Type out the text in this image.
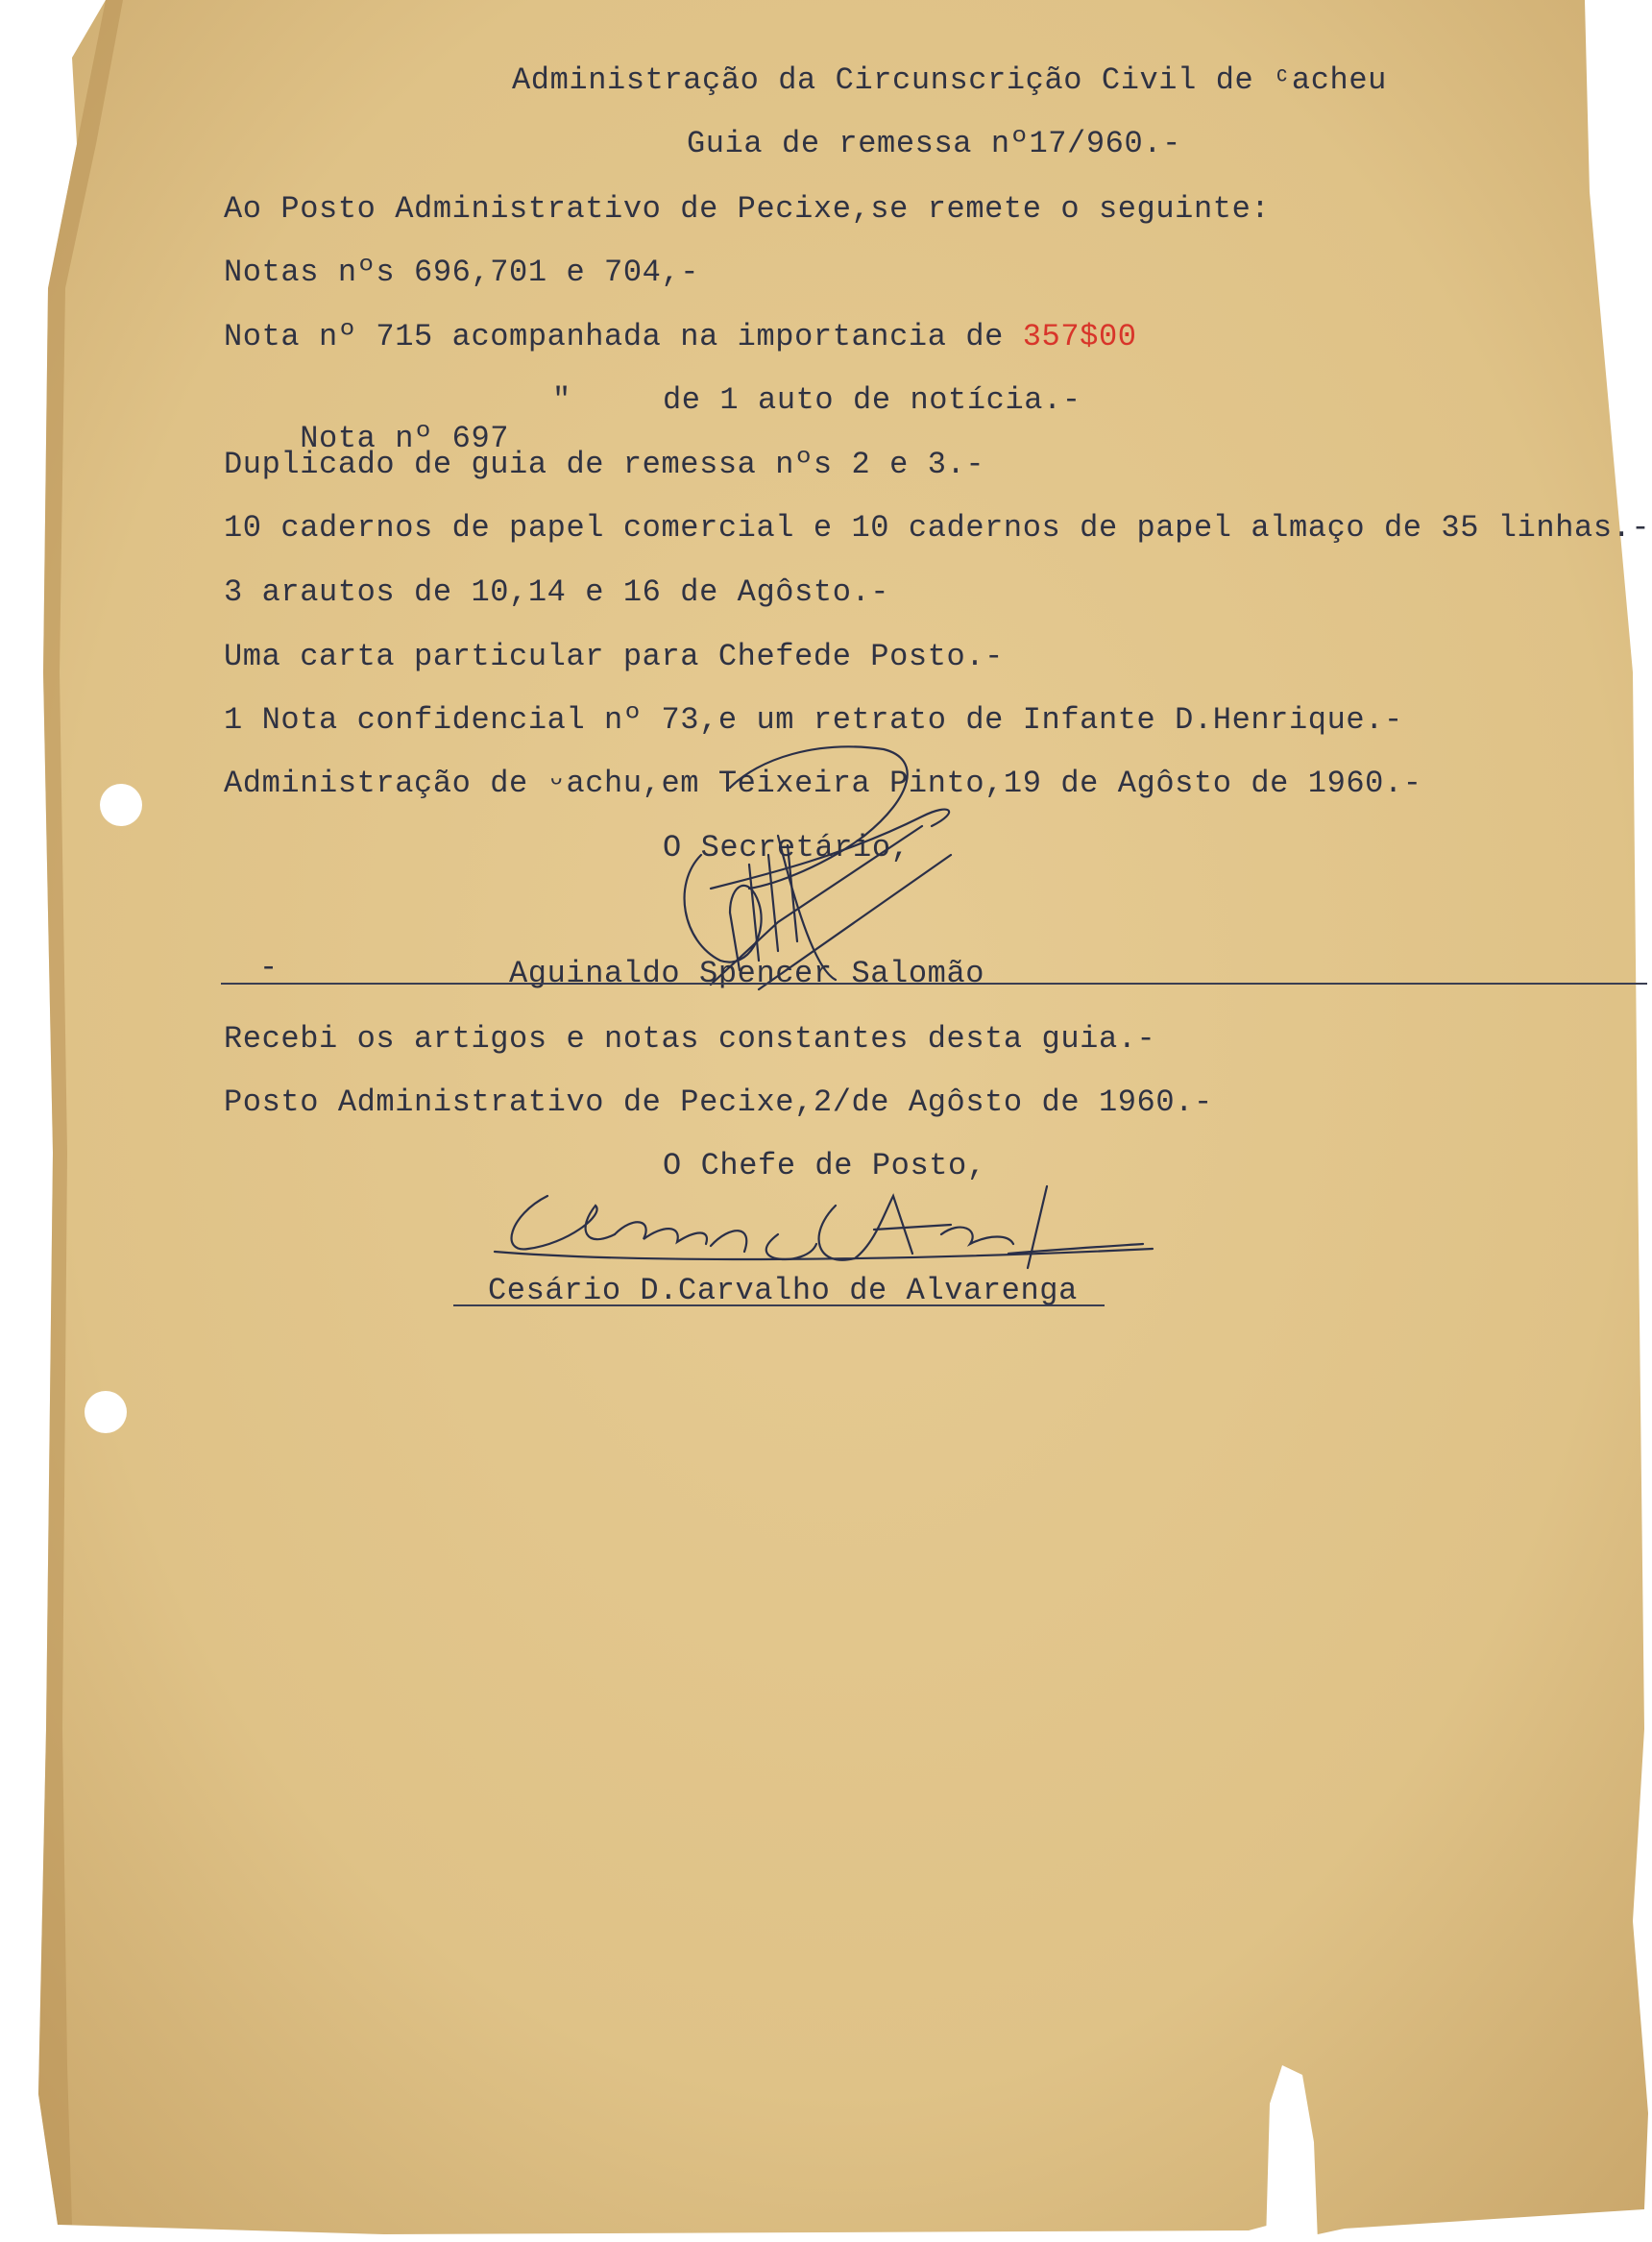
Administração da Circunscrição Civil de ᶜacheu
Guia de remessa nº17/960.-
Ao Posto Administrativo de Pecixe,se remete o seguinte:
Notas nºs 696,701 e 704,-
Nota nº 715 acompanhada na importancia de 357$00

Nota nº 697

"	de 1 auto de notícia.-
Duplicado de guia de remessa nºs 2 e 3.-
10 cadernos de papel comercial e 10 cadernos de papel almaço de 35 linhas.-
3 arautos de 10,14 e 16 de Agôsto.-
Uma carta particular para Chefede Posto.-
1 Nota confidencial nº 73,e um retrato de Infante D.Henrique.-
Administração de ᵕachu,em Teixeira Pinto,19 de Agôsto de 1960.-
O Secretário,
-	Aguinaldo Spencer Salomão
Recebi os artigos e notas constantes desta guia.-
Posto Administrativo de Pecixe,2/de Agôsto de 1960.-
O Chefe de Posto,
Cesário D.Carvalho de Alvarenga
